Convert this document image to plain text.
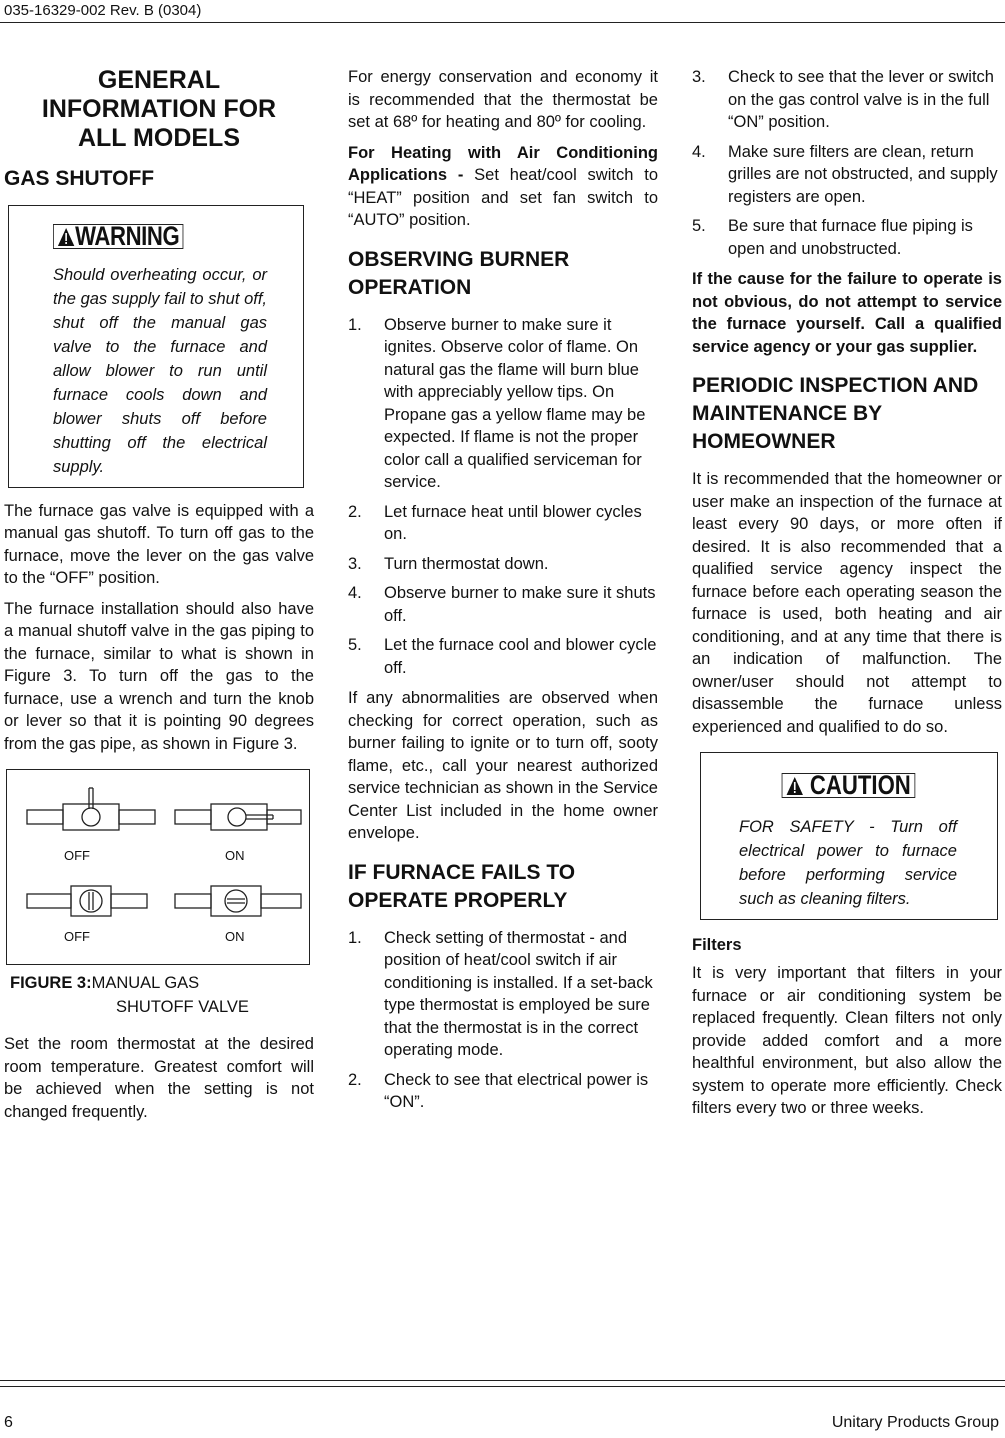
035-16329-002 Rev. B (0304)
GENERAL
INFORMATION FOR
ALL MODELS
GAS SHUTOFF
WARNING

Should overheating occur, or the gas supply fail to shut off, shut off the manual gas valve to the furnace and allow blower to run until furnace cools down and blower shuts off before shutting off the electrical supply.

The furnace gas valve is equipped with a manual gas shutoff. To turn off gas to the furnace, move the lever on the gas valve to the “OFF” position.

The furnace installation should also have a manual shutoff valve in the gas piping to the furnace, similar to what is shown in Figure 3. To turn off the gas to the furnace, use a wrench and turn the knob or lever so that it is pointing 90 degrees from the gas pipe, as shown in Figure 3.

OFF	ON
OFF	ON
FIGURE 3:MANUAL GAS
SHUTOFF VALVE

Set the room thermostat at the desired room temperature. Greatest comfort will be achieved when the setting is not changed frequently.

For energy conservation and economy it is recommended that the thermostat be set at 68º for heating and 80º for cooling.

For Heating with Air Conditioning Applications - Set heat/cool switch to “HEAT” position and set fan switch to “AUTO” position.

OBSERVING BURNER OPERATION
1. Observe burner to make sure it ignites. Observe color of flame. On natural gas the flame will burn blue with appreciably yellow tips. On Propane gas a yellow flame may be expected. If flame is not the proper color call a qualified serviceman for service.
2. Let furnace heat until blower cycles on.
3. Turn thermostat down.
4. Observe burner to make sure it shuts off.
5. Let the furnace cool and blower cycle off.

If any abnormalities are observed when checking for correct operation, such as burner failing to ignite or to turn off, sooty flame, etc., call your nearest authorized service technician as shown in the Service Center List included in the home owner envelope.

IF FURNACE FAILS TO OPERATE PROPERLY
1. Check setting of thermostat - and position of heat/cool switch if air conditioning is installed. If a set-back type thermostat is employed be sure that the thermostat is in the correct operating mode.
2. Check to see that electrical power is “ON”.
3. Check to see that the lever or switch on the gas control valve is in the full “ON” position.
4. Make sure filters are clean, return grilles are not obstructed, and supply registers are open.
5. Be sure that furnace flue piping is open and unobstructed.

If the cause for the failure to operate is not obvious, do not attempt to service the furnace yourself. Call a qualified service agency or your gas supplier.

PERIODIC INSPECTION AND MAINTENANCE BY HOMEOWNER

It is recommended that the homeowner or user make an inspection of the furnace at least every 90 days, or more often if desired. It is also recommended that a qualified service agency inspect the furnace before each operating season the furnace is used, both heating and air conditioning, and at any time that there is an indication of malfunction. The owner/user should not attempt to disassemble the furnace unless experienced and qualified to do so.

CAUTION

FOR SAFETY - Turn off electrical power to furnace before performing service such as cleaning filters.

Filters

It is very important that filters in your furnace or air conditioning system be replaced frequently. Clean filters not only provide added comfort and a more healthful environment, but also allow the system to operate more efficiently. Check filters every two or three weeks.

6	Unitary Products Group
